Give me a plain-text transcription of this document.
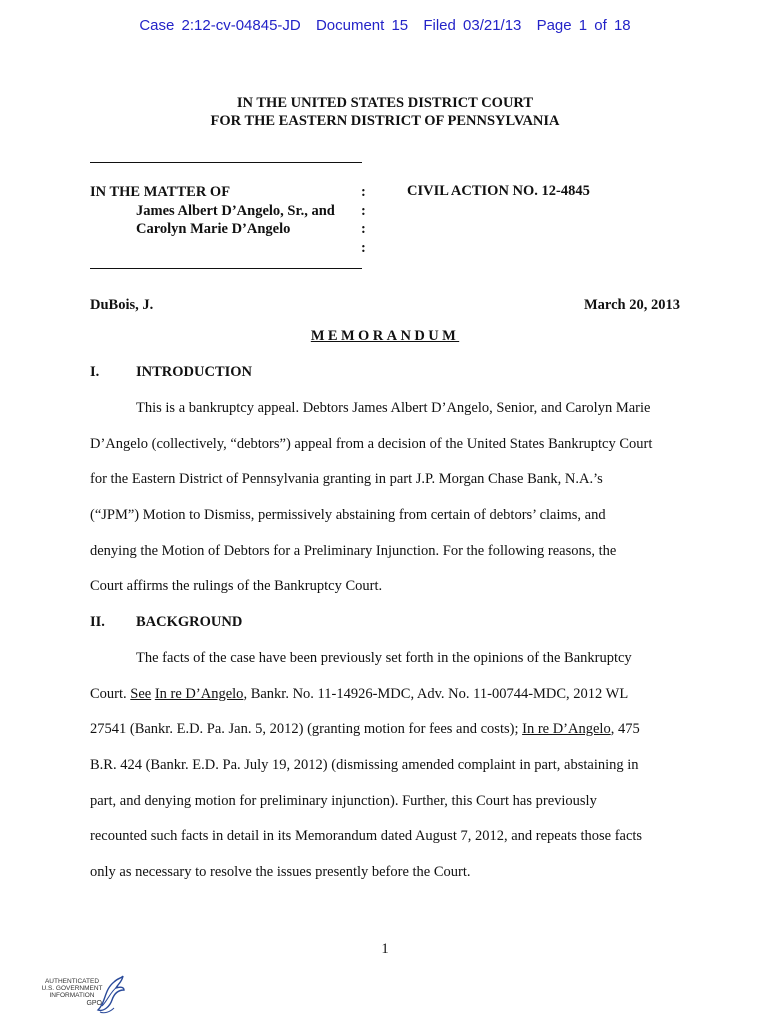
Case 2:12-cv-04845-JD Document 15 Filed 03/21/13 Page 1 of 18
IN THE UNITED STATES DISTRICT COURT
FOR THE EASTERN DISTRICT OF PENNSYLVANIA
IN THE MATTER OF
James Albert D’Angelo, Sr., and
Carolyn Marie D’Angelo
:
:
:
:
CIVIL ACTION NO. 12-4845
DuBois, J.	March 20, 2013
MEMORANDUM
I.	INTRODUCTION
This is a bankruptcy appeal. Debtors James Albert D’Angelo, Senior, and Carolyn Marie
D’Angelo (collectively, “debtors”) appeal from a decision of the United States Bankruptcy Court
for the Eastern District of Pennsylvania granting in part J.P. Morgan Chase Bank, N.A.’s
(“JPM”) Motion to Dismiss, permissively abstaining from certain of debtors’ claims, and
denying the Motion of Debtors for a Preliminary Injunction. For the following reasons, the
Court affirms the rulings of the Bankruptcy Court.
II. BACKGROUND
The facts of the case have been previously set forth in the opinions of the Bankruptcy
Court. See In re D’Angelo, Bankr. No. 11-14926-MDC, Adv. No. 11-00744-MDC, 2012 WL
27541 (Bankr. E.D. Pa. Jan. 5, 2012) (granting motion for fees and costs); In re D’Angelo, 475
B.R. 424 (Bankr. E.D. Pa. July 19, 2012) (dismissing amended complaint in part, abstaining in
part, and denying motion for preliminary injunction). Further, this Court has previously
recounted such facts in detail in its Memorandum dated August 7, 2012, and repeats those facts
only as necessary to resolve the issues presently before the Court.
1
AUTHENTICATED
U.S. GOVERNMENT
INFORMATION
GPO
